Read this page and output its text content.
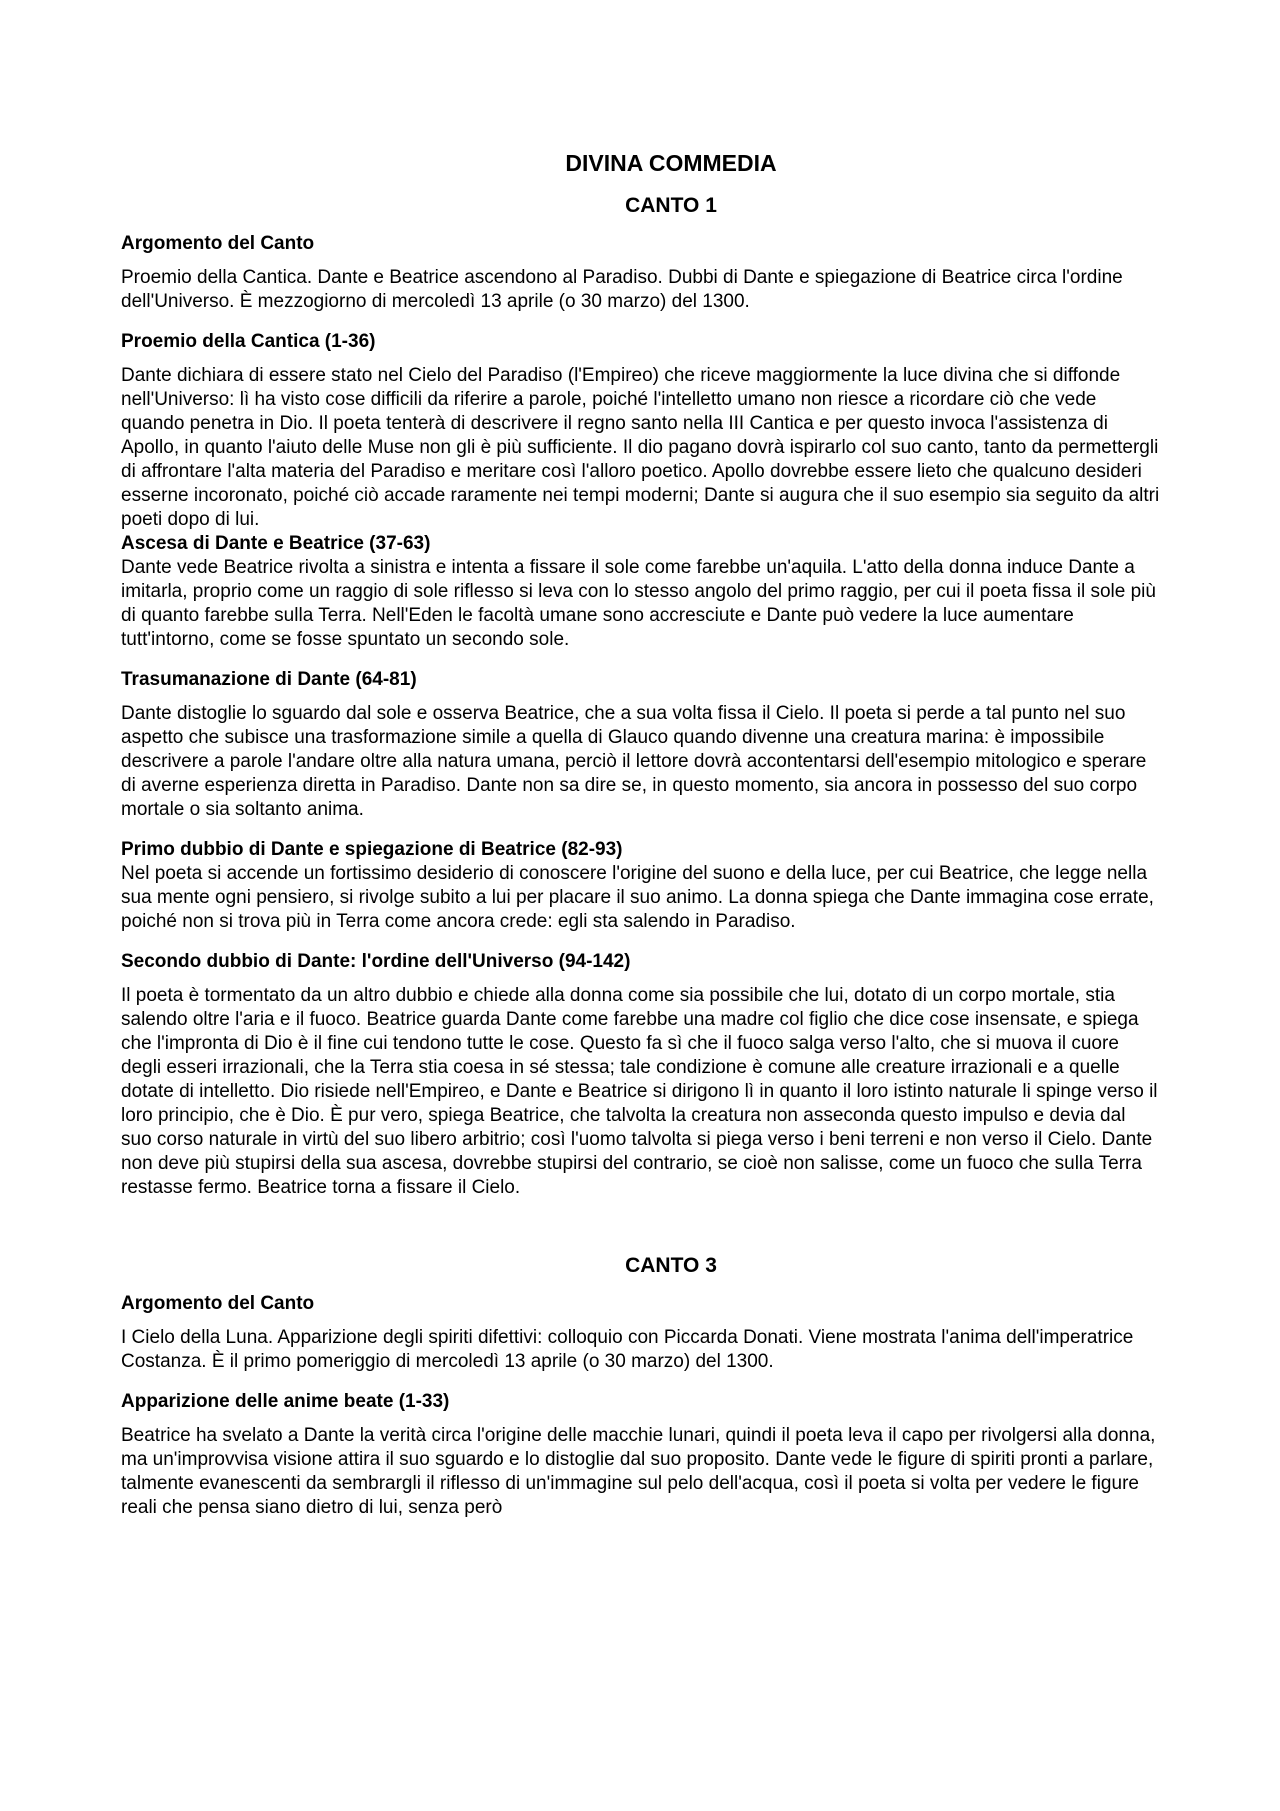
DIVINA COMMEDIA
CANTO 1
Argomento del Canto
Proemio della Cantica. Dante e Beatrice ascendono al Paradiso. Dubbi di Dante e spiegazione di Beatrice circa l'ordine dell'Universo. È mezzogiorno di mercoledì 13 aprile (o 30 marzo) del 1300.
Proemio della Cantica (1-36)
Dante dichiara di essere stato nel Cielo del Paradiso (l'Empireo) che riceve maggiormente la luce divina che si diffonde nell'Universo: lì ha visto cose difficili da riferire a parole, poiché l'intelletto umano non riesce a ricordare ciò che vede quando penetra in Dio. Il poeta tenterà di descrivere il regno santo nella III Cantica e per questo invoca l'assistenza di Apollo, in quanto l'aiuto delle Muse non gli è più sufficiente. Il dio pagano dovrà ispirarlo col suo canto, tanto da permettergli di affrontare l'alta materia del Paradiso e meritare così l'alloro poetico. Apollo dovrebbe essere lieto che qualcuno desideri esserne incoronato, poiché ciò accade raramente nei tempi moderni; Dante si augura che il suo esempio sia seguito da altri poeti dopo di lui.
Ascesa di Dante e Beatrice (37-63)
Dante vede Beatrice rivolta a sinistra e intenta a fissare il sole come farebbe un'aquila. L'atto della donna induce Dante a imitarla, proprio come un raggio di sole riflesso si leva con lo stesso angolo del primo raggio, per cui il poeta fissa il sole più di quanto farebbe sulla Terra. Nell'Eden le facoltà umane sono accresciute e Dante può vedere la luce aumentare tutt'intorno, come se fosse spuntato un secondo sole.
Trasumanazione di Dante (64-81)
Dante distoglie lo sguardo dal sole e osserva Beatrice, che a sua volta fissa il Cielo. Il poeta si perde a tal punto nel suo aspetto che subisce una trasformazione simile a quella di Glauco quando divenne una creatura marina: è impossibile descrivere a parole l'andare oltre alla natura umana, perciò il lettore dovrà accontentarsi dell'esempio mitologico e sperare di averne esperienza diretta in Paradiso. Dante non sa dire se, in questo momento, sia ancora in possesso del suo corpo mortale o sia soltanto anima.
Primo dubbio di Dante e spiegazione di Beatrice (82-93)
Nel poeta si accende un fortissimo desiderio di conoscere l'origine del suono e della luce, per cui Beatrice, che legge nella sua mente ogni pensiero, si rivolge subito a lui per placare il suo animo. La donna spiega che Dante immagina cose errate, poiché non si trova più in Terra come ancora crede: egli sta salendo in Paradiso.
Secondo dubbio di Dante: l'ordine dell'Universo (94-142)
Il poeta è tormentato da un altro dubbio e chiede alla donna come sia possibile che lui, dotato di un corpo mortale, stia salendo oltre l'aria e il fuoco. Beatrice guarda Dante come farebbe una madre col figlio che dice cose insensate, e spiega che l'impronta di Dio è il fine cui tendono tutte le cose. Questo fa sì che il fuoco salga verso l'alto, che si muova il cuore degli esseri irrazionali, che la Terra stia coesa in sé stessa; tale condizione è comune alle creature irrazionali e a quelle dotate di intelletto. Dio risiede nell'Empireo, e Dante e Beatrice si dirigono lì in quanto il loro istinto naturale li spinge verso il loro principio, che è Dio. È pur vero, spiega Beatrice, che talvolta la creatura non asseconda questo impulso e devia dal suo corso naturale in virtù del suo libero arbitrio; così l'uomo talvolta si piega verso i beni terreni e non verso il Cielo. Dante non deve più stupirsi della sua ascesa, dovrebbe stupirsi del contrario, se cioè non salisse, come un fuoco che sulla Terra restasse fermo. Beatrice torna a fissare il Cielo.
CANTO 3
Argomento del Canto
I Cielo della Luna. Apparizione degli spiriti difettivi: colloquio con Piccarda Donati. Viene mostrata l'anima dell'imperatrice Costanza. È il primo pomeriggio di mercoledì 13 aprile (o 30 marzo) del 1300.
Apparizione delle anime beate (1-33)
Beatrice ha svelato a Dante la verità circa l'origine delle macchie lunari, quindi il poeta leva il capo per rivolgersi alla donna, ma un'improvvisa visione attira il suo sguardo e lo distoglie dal suo proposito. Dante vede le figure di spiriti pronti a parlare, talmente evanescenti da sembrargli il riflesso di un'immagine sul pelo dell'acqua, così il poeta si volta per vedere le figure reali che pensa siano dietro di lui, senza però
